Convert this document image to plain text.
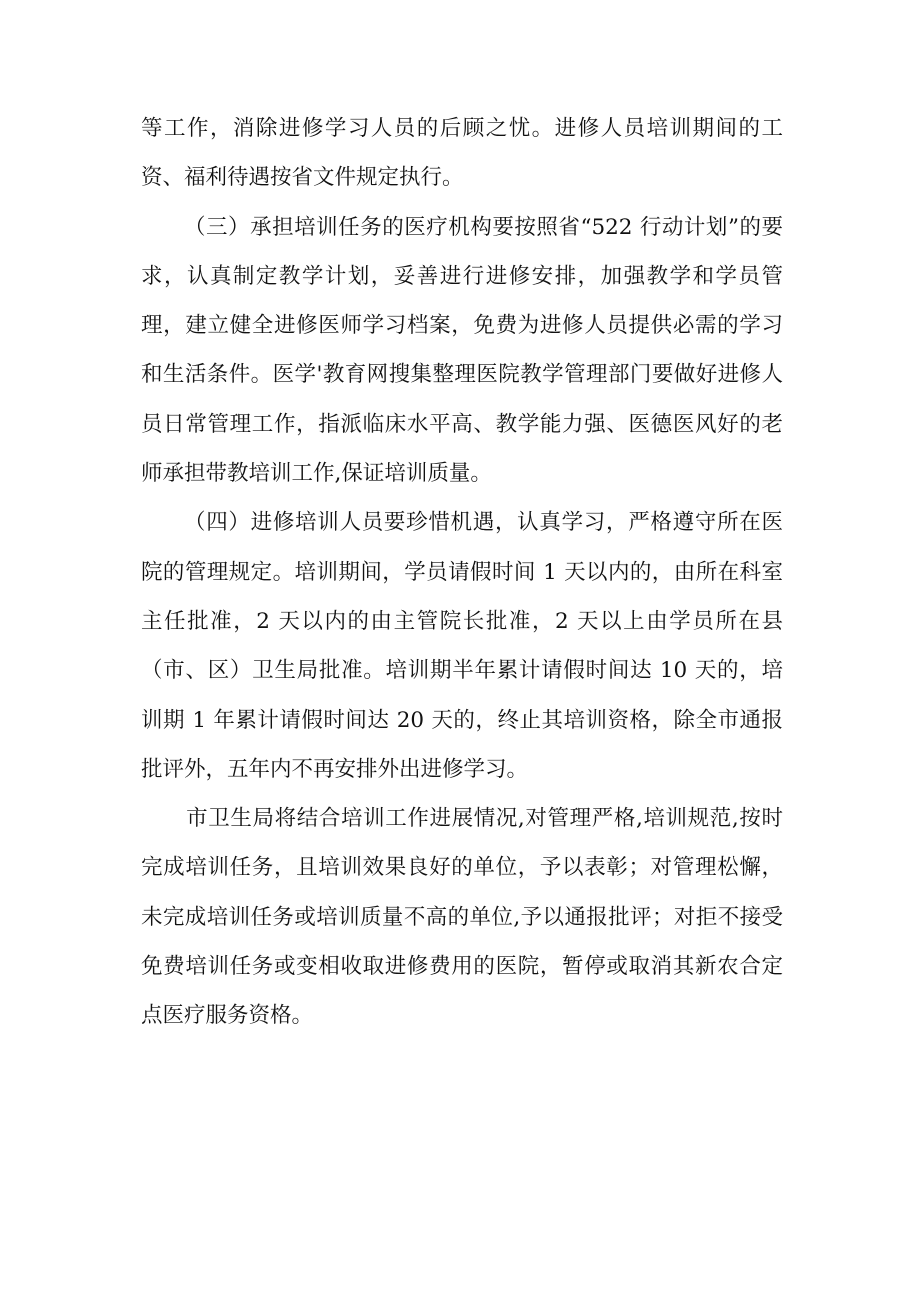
等工作，消除进修学习人员的后顾之忧。进修人员培训期间的工资、福利待遇按省文件规定执行。

（三）承担培训任务的医疗机构要按照省“522 行动计划”的要求，认真制定教学计划，妥善进行进修安排，加强教学和学员管理，建立健全进修医师学习档案，免费为进修人员提供必需的学习和生活条件。医学'教育网搜集整理医院教学管理部门要做好进修人员日常管理工作，指派临床水平高、教学能力强、医德医风好的老师承担带教培训工作,保证培训质量。

（四）进修培训人员要珍惜机遇，认真学习，严格遵守所在医院的管理规定。培训期间，学员请假时间 1 天以内的，由所在科室主任批准，2 天以内的由主管院长批准，2 天以上由学员所在县（市、区）卫生局批准。培训期半年累计请假时间达 10 天的，培训期 1 年累计请假时间达 20 天的，终止其培训资格，除全市通报批评外，五年内不再安排外出进修学习。

市卫生局将结合培训工作进展情况,对管理严格,培训规范,按时完成培训任务，且培训效果良好的单位，予以表彰；对管理松懈，未完成培训任务或培训质量不高的单位,予以通报批评；对拒不接受免费培训任务或变相收取进修费用的医院，暂停或取消其新农合定点医疗服务资格。
